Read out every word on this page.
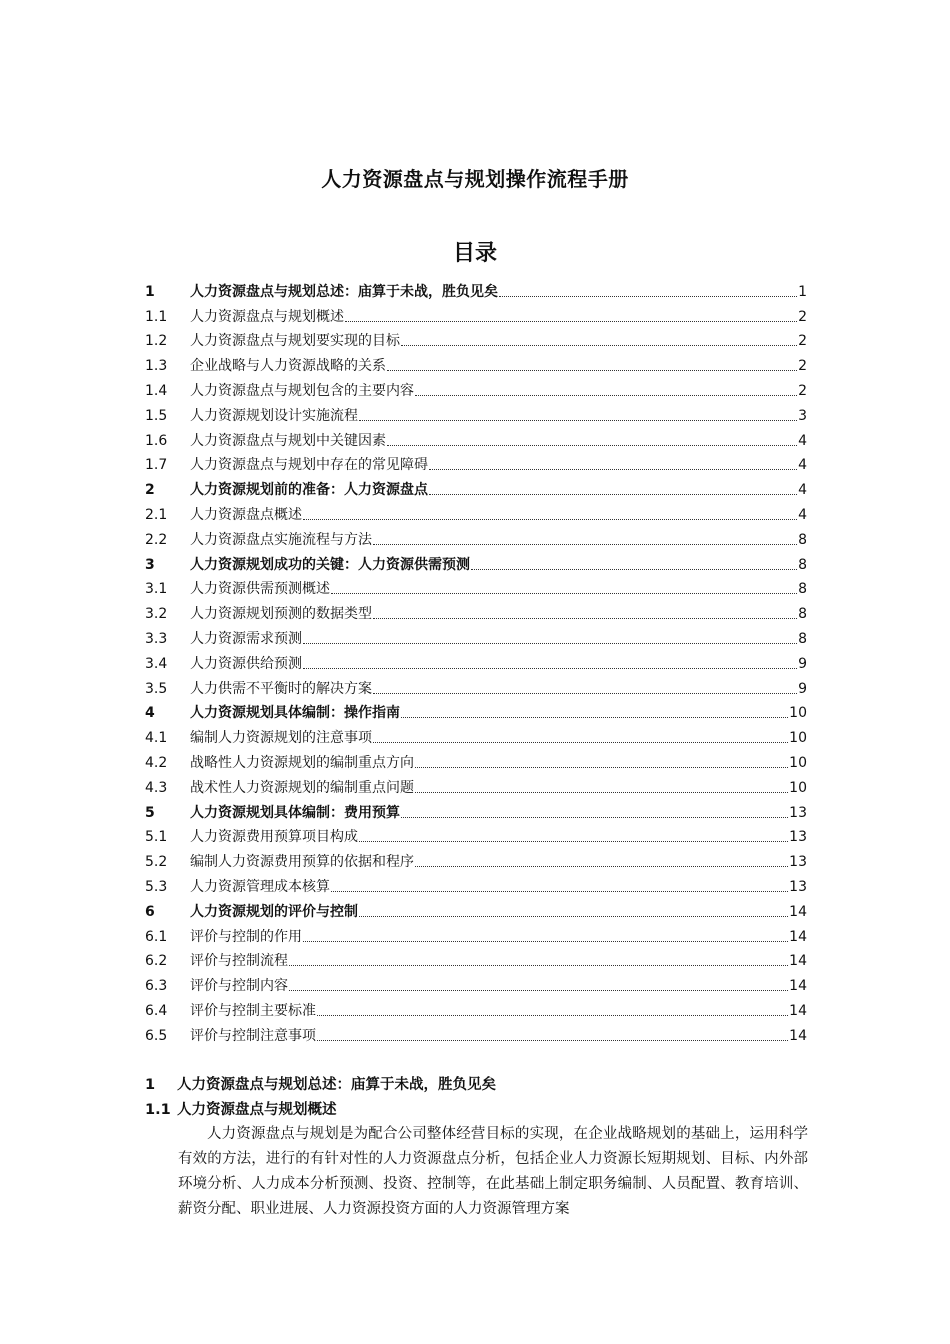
人力资源盘点与规划操作流程手册
目录
1	人力资源盘点与规划总述：庙算于未战，胜负见矣	1
1.1	人力资源盘点与规划概述	2
1.2	人力资源盘点与规划要实现的目标	2
1.3	企业战略与人力资源战略的关系	2
1.4	人力资源盘点与规划包含的主要内容	2
1.5	人力资源规划设计实施流程	3
1.6	人力资源盘点与规划中关键因素	4
1.7	人力资源盘点与规划中存在的常见障碍	4
2	人力资源规划前的准备：人力资源盘点	4
2.1	人力资源盘点概述	4
2.2	人力资源盘点实施流程与方法	8
3	人力资源规划成功的关键：人力资源供需预测	8
3.1	人力资源供需预测概述	8
3.2	人力资源规划预测的数据类型	8
3.3	人力资源需求预测	8
3.4	人力资源供给预测	9
3.5	人力供需不平衡时的解决方案	9
4	人力资源规划具体编制：操作指南	10
4.1	编制人力资源规划的注意事项	10
4.2	战略性人力资源规划的编制重点方向	10
4.3	战术性人力资源规划的编制重点问题	10
5	人力资源规划具体编制：费用预算	13
5.1	人力资源费用预算项目构成	13
5.2	编制人力资源费用预算的依据和程序	13
5.3	人力资源管理成本核算	13
6	人力资源规划的评价与控制	14
6.1	评价与控制的作用	14
6.2	评价与控制流程	14
6.3	评价与控制内容	14
6.4	评价与控制主要标准	14
6.5	评价与控制注意事项	14
1 人力资源盘点与规划总述：庙算于未战，胜负见矣
1.1 人力资源盘点与规划概述
人力资源盘点与规划是为配合公司整体经营目标的实现，在企业战略规划的基础上，运用科学有效的方法，进行的有针对性的人力资源盘点分析，包括企业人力资源长短期规划、目标、内外部环境分析、人力成本分析预测、投资、控制等，在此基础上制定职务编制、人员配置、教育培训、薪资分配、职业进展、人力资源投资方面的人力资源管理方案
